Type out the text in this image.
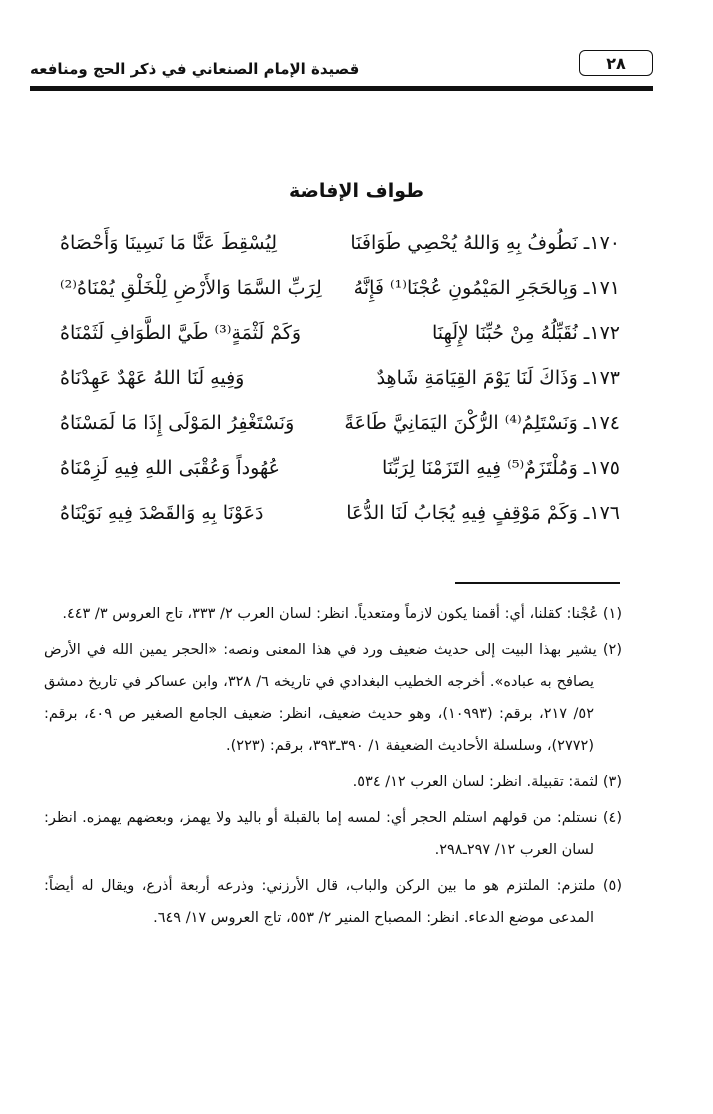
قصيدة الإمام الصنعاني في ذكر الحج ومنافعه	٢٨
طواف الإفاضة
١٧٠ـ نَطُوفُ بِهِ وَاللهُ يُحْصِي طَوَافَنَا
لِيُسْقِطَ عَنَّا مَا نَسِينَا وَأَحْصَاهُ
١٧١ـ وَبِالحَجَرِ المَيْمُونِ عُجْنَا⁽¹⁾ فَإِنَّهُ
لِرَبِّ السَّمَا وَالأَرْضِ لِلْخَلْقِ يُمْنَاهُ⁽²⁾
١٧٢ـ نُقَبِّلُهُ مِنْ حُبِّنَا لإِلَهِنَا
وَكَمْ لَثْمَةٍ⁽³⁾ طَيَّ الطَّوَافِ لَثَمْنَاهُ
١٧٣ـ وَذَاكَ لَنَا يَوْمَ القِيَامَةِ شَاهِدٌ
وَفِيهِ لَنَا اللهُ عَهْدٌ عَهِدْنَاهُ
١٧٤ـ وَنَسْتَلِمُ⁽⁴⁾ الرُّكْنَ اليَمَانِيَّ طَاعَةً
وَنَسْتَغْفِرُ المَوْلَى إِذَا مَا لَمَسْنَاهُ
١٧٥ـ وَمُلْتَزَمٌ⁽⁵⁾ فِيهِ التَزَمْنَا لِرَبِّنَا
عُهُوداً وَعُقْبَى اللهِ فِيهِ لَزِمْنَاهُ
١٧٦ـ وَكَمْ مَوْقِفٍ فِيهِ يُجَابُ لَنَا الدُّعَا
دَعَوْنَا بِهِ وَالقَصْدَ فِيهِ نَوَيْنَاهُ

(١) عُجْنا: كقلنا، أي: أقمنا يكون لازماً ومتعدياً. انظر: لسان العرب ٢/ ٣٣٣، تاج العروس ٣/ ٤٤٣.

(٢) يشير بهذا البيت إلى حديث ضعيف ورد في هذا المعنى ونصه: «الحجر يمين الله في الأرض يصافح به عباده». أخرجه الخطيب البغدادي في تاريخه ٦/ ٣٢٨، وابن عساكر في تاريخ دمشق ٥٢/ ٢١٧، برقم: (١٠٩٩٣)، وهو حديث ضعيف، انظر: ضعيف الجامع الصغير ص ٤٠٩، برقم: (٢٧٧٢)، وسلسلة الأحاديث الضعيفة ١/ ٣٩٠ـ٣٩٣، برقم: (٢٢٣).

(٣) لثمة: تقبيلة. انظر: لسان العرب ١٢/ ٥٣٤.

(٤) نستلم: من قولهم استلم الحجر أي: لمسه إما بالقبلة أو باليد ولا يهمز، وبعضهم يهمزه. انظر: لسان العرب ١٢/ ٢٩٧ـ٢٩٨.

(٥) ملتزم: الملتزم هو ما بين الركن والباب، قال الأرزني: وذرعه أربعة أذرع، ويقال له أيضاً: المدعى موضع الدعاء. انظر: المصباح المنير ٢/ ٥٥٣، تاج العروس ١٧/ ٦٤٩.
